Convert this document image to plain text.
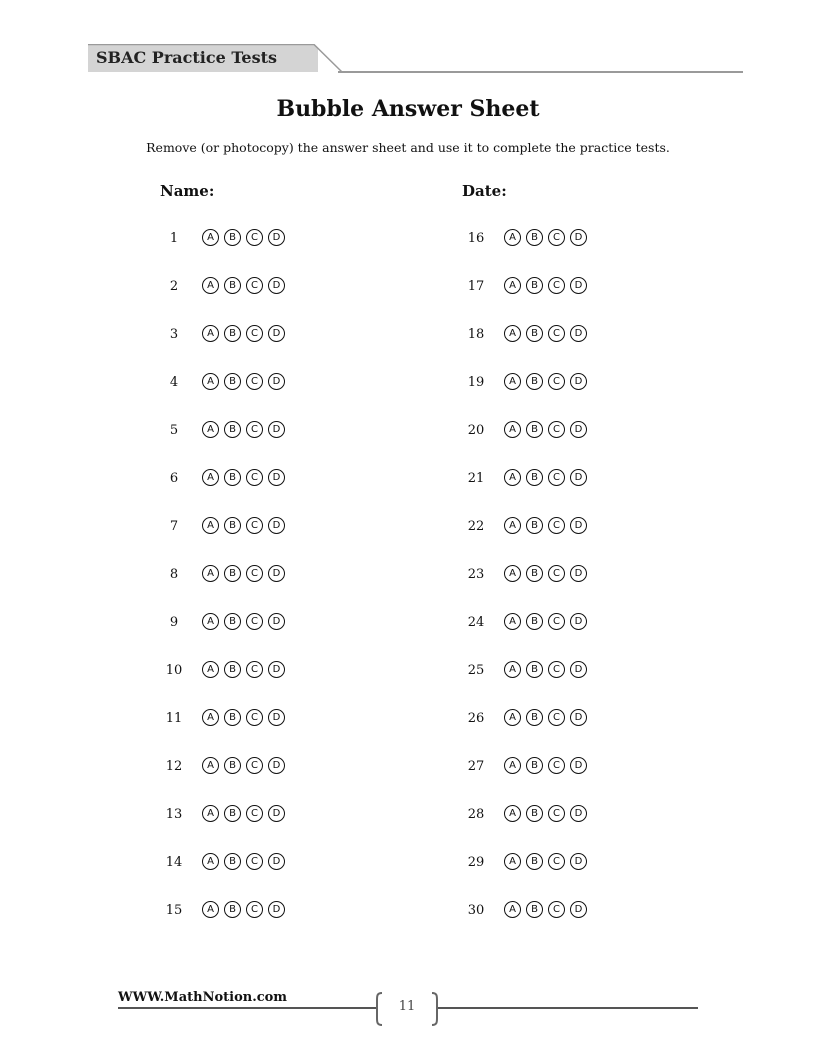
SBAC Practice Tests
Bubble Answer Sheet
Remove (or photocopy) the answer sheet and use it to complete the practice tests.
Name:	Date:
1	A	B	C	D
2	A	B	C	D
3	A	B	C	D
4	A	B	C	D
5	A	B	C	D
6	A	B	C	D
7	A	B	C	D
8	A	B	C	D
9	A	B	C	D
10	A	B	C	D
11	A	B	C	D
12	A	B	C	D
13	A	B	C	D
14	A	B	C	D
15	A	B	C	D
16	A	B	C	D
17	A	B	C	D
18	A	B	C	D
19	A	B	C	D
20	A	B	C	D
21	A	B	C	D
22	A	B	C	D
23	A	B	C	D
24	A	B	C	D
25	A	B	C	D
26	A	B	C	D
27	A	B	C	D
28	A	B	C	D
29	A	B	C	D
30	A	B	C	D
WWW.MathNotion.com
11
